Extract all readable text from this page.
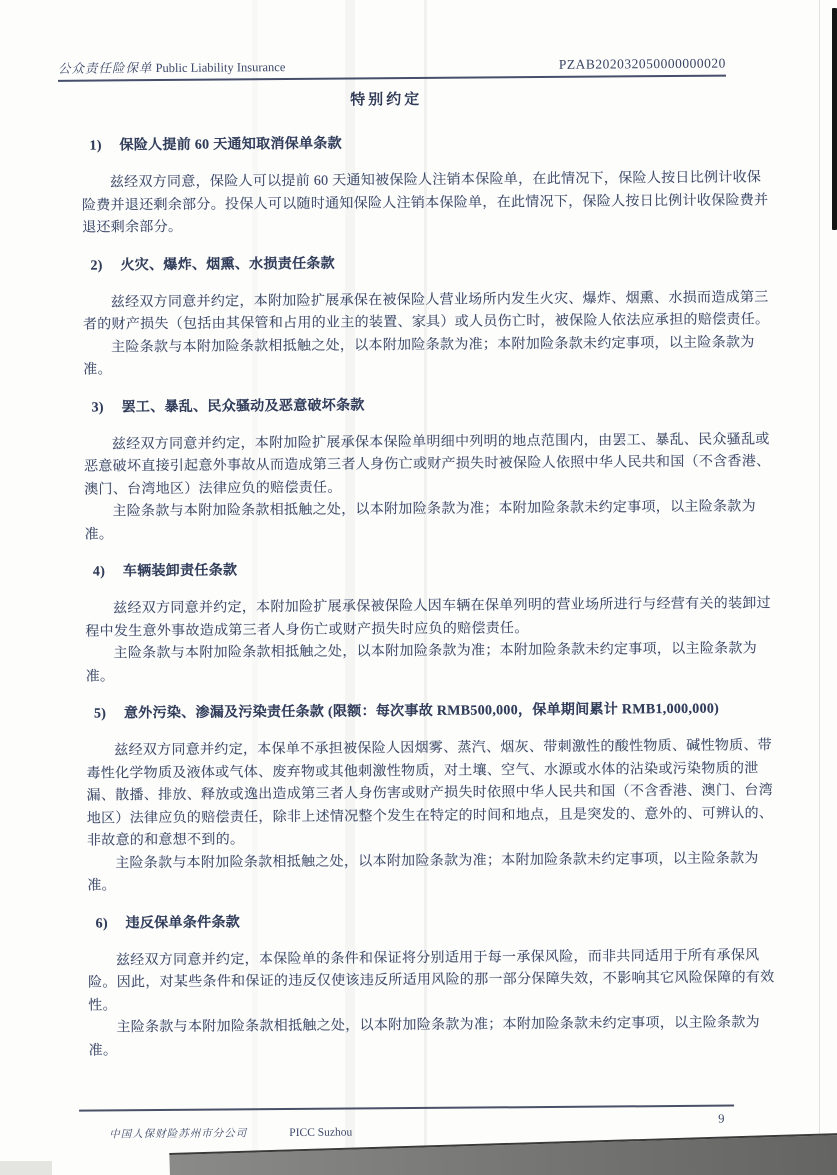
公众责任险保单 Public Liability Insurance	PZAB202032050000000020
特别约定
1)	保险人提前 60 天通知取消保单条款

兹经双方同意，保险人可以提前 60 天通知被保险人注销本保险单，在此情况下，保险人按日比例计收保险费并退还剩余部分。投保人可以随时通知保险人注销本保险单，在此情况下，保险人按日比例计收保险费并退还剩余部分。

2)	火灾、爆炸、烟熏、水损责任条款

兹经双方同意并约定，本附加险扩展承保在被保险人营业场所内发生火灾、爆炸、烟熏、水损而造成第三者的财产损失（包括由其保管和占用的业主的装置、家具）或人员伤亡时，被保险人依法应承担的赔偿责任。

主险条款与本附加险条款相抵触之处，以本附加险条款为准；本附加险条款未约定事项，以主险条款为准。

3)	罢工、暴乱、民众骚动及恶意破坏条款

兹经双方同意并约定，本附加险扩展承保本保险单明细中列明的地点范围内，由罢工、暴乱、民众骚乱或恶意破坏直接引起意外事故从而造成第三者人身伤亡或财产损失时被保险人依照中华人民共和国（不含香港、澳门、台湾地区）法律应负的赔偿责任。

主险条款与本附加险条款相抵触之处，以本附加险条款为准；本附加险条款未约定事项，以主险条款为准。

4)	车辆装卸责任条款

兹经双方同意并约定，本附加险扩展承保被保险人因车辆在保单列明的营业场所进行与经营有关的装卸过程中发生意外事故造成第三者人身伤亡或财产损失时应负的赔偿责任。

主险条款与本附加险条款相抵触之处，以本附加险条款为准；本附加险条款未约定事项，以主险条款为准。

5)	意外污染、渗漏及污染责任条款 (限额：每次事故 RMB500,000，保单期间累计 RMB1,000,000)

兹经双方同意并约定，本保单不承担被保险人因烟雾、蒸汽、烟灰、带刺激性的酸性物质、碱性物质、带毒性化学物质及液体或气体、废弃物或其他刺激性物质，对土壤、空气、水源或水体的沾染或污染物质的泄漏、散播、排放、释放或逸出造成第三者人身伤害或财产损失时依照中华人民共和国（不含香港、澳门、台湾地区）法律应负的赔偿责任，除非上述情况整个发生在特定的时间和地点，且是突发的、意外的、可辨认的、非故意的和意想不到的。

主险条款与本附加险条款相抵触之处，以本附加险条款为准；本附加险条款未约定事项，以主险条款为准。

6)	违反保单条件条款

兹经双方同意并约定，本保险单的条件和保证将分别适用于每一承保风险，而非共同适用于所有承保风险。因此，对某些条件和保证的违反仅使该违反所适用风险的那一部分保障失效，不影响其它风险保障的有效性。

主险条款与本附加险条款相抵触之处，以本附加险条款为准；本附加险条款未约定事项，以主险条款为准。

中国人保财险苏州市分公司	PICC Suzhou
9
